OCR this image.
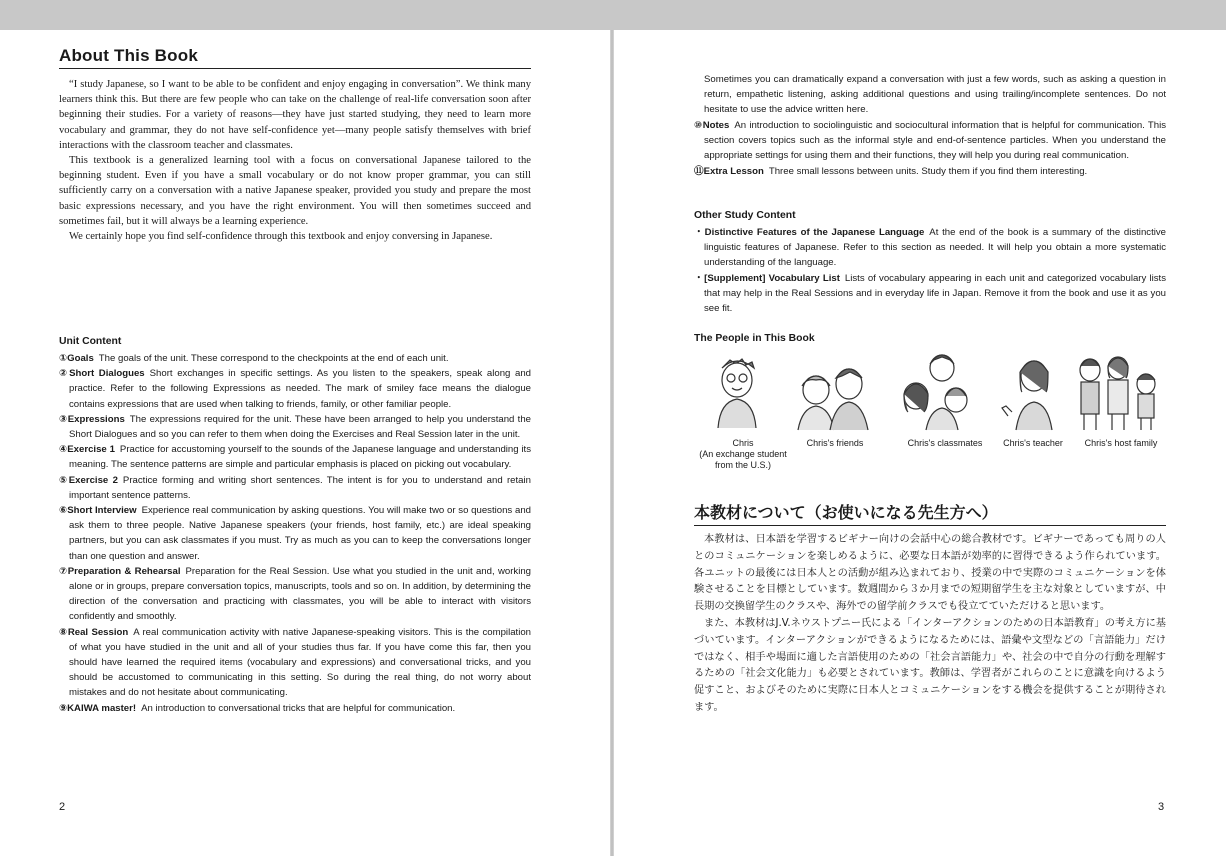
About This Book

“I study Japanese, so I want to be able to be confident and enjoy engaging in conversation”. We think many learners think this. But there are few people who can take on the challenge of real-life conversation soon after beginning their studies. For a variety of reasons—they have just started studying, they need to learn more vocabulary and grammar, they do not have self-confidence yet—many people satisfy themselves with brief interactions with the classroom teacher and classmates.

This textbook is a generalized learning tool with a focus on conversational Japanese tailored to the beginning student. Even if you have a small vocabulary or do not know proper grammar, you can still sufficiently carry on a conversation with a native Japanese speaker, provided you study and prepare the most basic expressions necessary, and you have the right environment. You will then sometimes succeed and sometimes fail, but it will always be a learning experience.

We certainly hope you find self-confidence through this textbook and enjoy conversing in Japanese.

Unit Content
①Goals The goals of the unit. These correspond to the checkpoints at the end of each unit.
②Short Dialogues Short exchanges in specific settings. As you listen to the speakers, speak along and practice. Refer to the following Expressions as needed. The mark of smiley face means the dialogue contains expressions that are used when talking to friends, family, or other familiar people.
③Expressions The expressions required for the unit. These have been arranged to help you understand the Short Dialogues and so you can refer to them when doing the Exercises and Real Session later in the unit.
④Exercise 1 Practice for accustoming yourself to the sounds of the Japanese language and understanding its meaning. The sentence patterns are simple and particular emphasis is placed on picking out vocabulary.
⑤Exercise 2 Practice forming and writing short sentences. The intent is for you to understand and retain important sentence patterns.
⑥Short Interview Experience real communication by asking questions. You will make two or so questions and ask them to three people. Native Japanese speakers (your friends, host family, etc.) are ideal speaking partners, but you can ask classmates if you must. Try as much as you can to keep the conversations longer than one question and answer.
⑦Preparation & Rehearsal Preparation for the Real Session. Use what you studied in the unit and, working alone or in groups, prepare conversation topics, manuscripts, tools and so on. In addition, by determining the direction of the conversation and practicing with classmates, you will be able to interact with visitors confidently and smoothly.
⑧Real Session A real communication activity with native Japanese-speaking visitors. This is the compilation of what you have studied in the unit and all of your studies thus far. If you have come this far, then you should have learned the required items (vocabulary and expressions) and conversational tricks, and you should be accustomed to communicating in this setting. So during the real thing, do not worry about mistakes and do not hesitate about communicating.
⑨KAIWA master! An introduction to conversational tricks that are helpful for communication.
2
Sometimes you can dramatically expand a conversation with just a few words, such as asking a question in return, empathetic listening, asking additional questions and using trailing/incomplete sentences. Do not hesitate to use the advice written here.
⑩Notes An introduction to sociolinguistic and sociocultural information that is helpful for communication. This section covers topics such as the informal style and end-of-sentence particles. When you understand the appropriate settings for using them and their functions, they will help you during real communication.
⑪Extra Lesson Three small lessons between units. Study them if you find them interesting.
Other Study Content
・Distinctive Features of the Japanese Language At the end of the book is a summary of the distinctive linguistic features of Japanese. Refer to this section as needed. It will help you obtain a more systematic understanding of the language.
・[Supplement] Vocabulary List Lists of vocabulary appearing in each unit and categorized vocabulary lists that may help in the Real Sessions and in everyday life in Japan. Remove it from the book and use it as you see fit.
The People in This Book
Chris
(An exchange student
from the U.S.)
Chris's friends	Chris's classmates	Chris's teacher	Chris's host family
本教材について（お使いになる先生方へ）

本教材は、日本語を学習するビギナー向けの会話中心の総合教材です。ビギナーであっても周りの人とのコミュニケーションを楽しめるように、必要な日本語が効率的に習得できるよう作られています。各ユニットの最後には日本人との活動が組み込まれており、授業の中で実際のコミュニケーションを体験させることを目標としています。数週間から３か月までの短期留学生を主な対象としていますが、中長期の交換留学生のクラスや、海外での留学前クラスでも役立てていただけると思います。

また、本教材はJ.V.ネウストプニー氏による「インターアクションのための日本語教育」の考え方に基づいています。インターアクションができるようになるためには、語彙や文型などの「言語能力」だけではなく、相手や場面に適した言語使用のための「社会言語能力」や、社会の中で自分の行動を理解するための「社会文化能力」も必要とされています。教師は、学習者がこれらのことに意識を向けるよう促すこと、およびそのために実際に日本人とコミュニケーションをする機会を提供することが期待されます。

3
